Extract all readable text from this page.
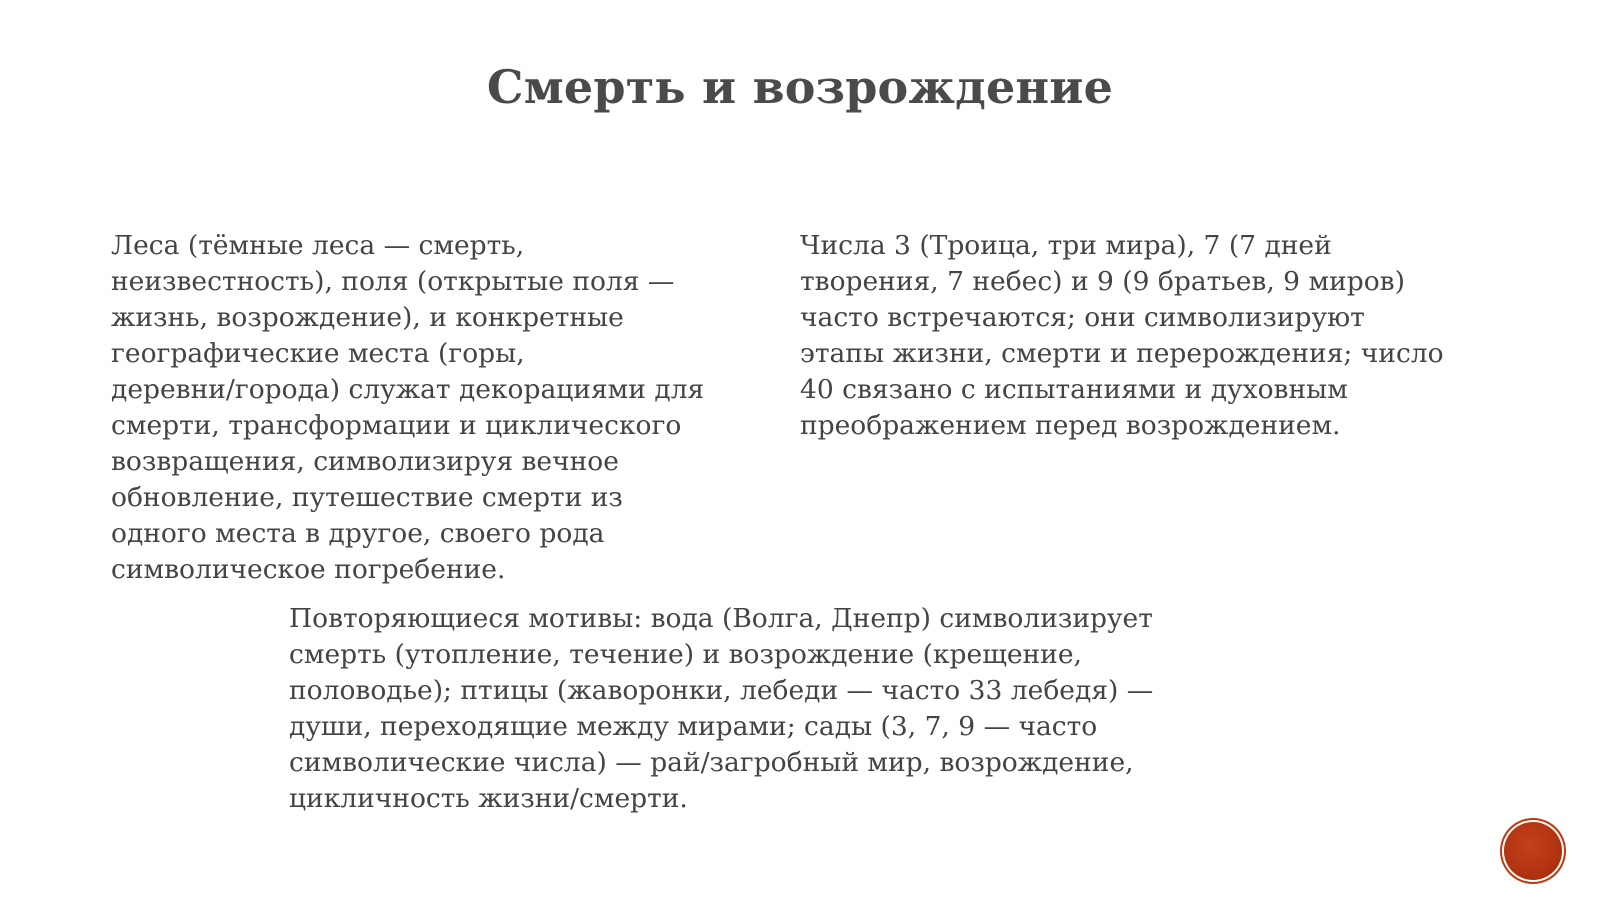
Смерть и возрождение
Леса (тёмные леса — смерть,
неизвестность), поля (открытые поля —
жизнь, возрождение), и конкретные
географические места (горы,
деревни/города) служат декорациями для
смерти, трансформации и циклического
возвращения, символизируя вечное
обновление, путешествие смерти из
одного места в другое, своего рода
символическое погребение.
Числа 3 (Троица, три мира), 7 (7 дней
творения, 7 небес) и 9 (9 братьев, 9 миров)
часто встречаются; они символизируют
этапы жизни, смерти и перерождения; число
40 связано с испытаниями и духовным
преображением перед возрождением.
Повторяющиеся мотивы: вода (Волга, Днепр) символизирует
смерть (утопление, течение) и возрождение (крещение,
половодье); птицы (жаворонки, лебеди — часто 33 лебедя) —
души, переходящие между мирами; сады (3, 7, 9 — часто
символические числа) — рай/загробный мир, возрождение,
цикличность жизни/смерти.
